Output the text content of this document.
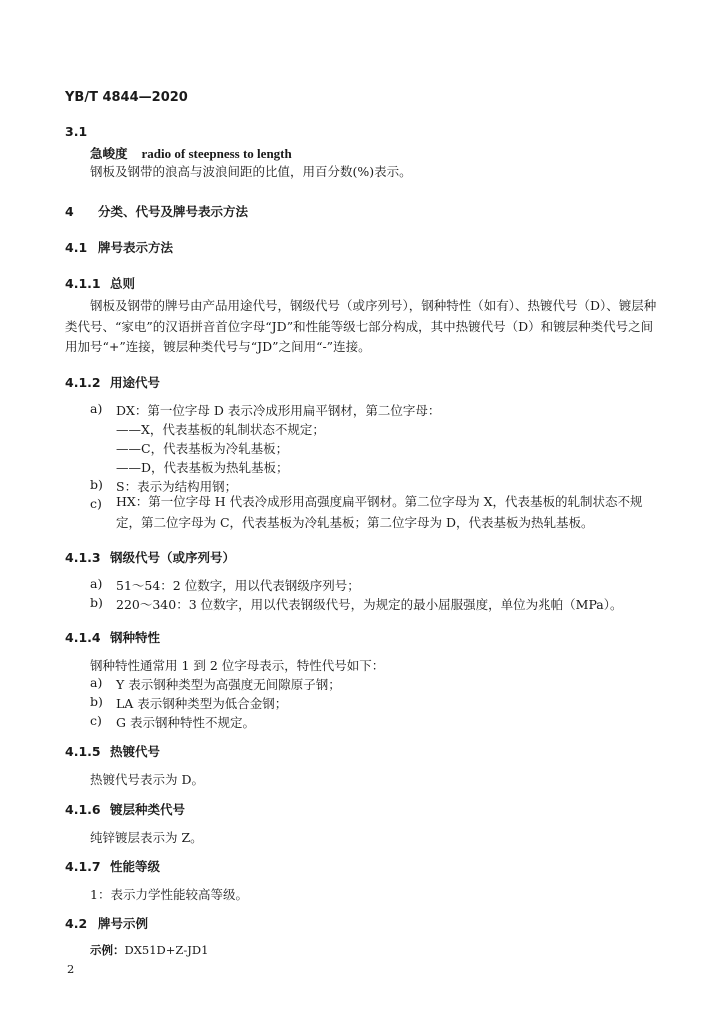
YB/T 4844—2020
3.1
急峻度 radio of steepness to length
钢板及钢带的浪高与波浪间距的比值，用百分数(%)表示。
4 分类、代号及牌号表示方法
4.1 牌号表示方法
4.1.1 总则

钢板及钢带的牌号由产品用途代号，钢级代号（或序列号），钢种特性（如有）、热镀代号（D）、镀层种类代号、“家电”的汉语拼音首位字母“JD”和性能等级七部分构成，其中热镀代号（D）和镀层种类代号之间用加号“+”连接，镀层种类代号与“JD”之间用“-”连接。

4.1.2 用途代号
a) DX：第一位字母 D 表示冷成形用扁平钢材，第二位字母：
——X，代表基板的轧制状态不规定；
——C，代表基板为冷轧基板；
——D，代表基板为热轧基板；
b) S：表示为结构用钢；
c) HX：第一位字母 H 代表冷成形用高强度扁平钢材。第二位字母为 X，代表基板的轧制状态不规定，第二位字母为 C，代表基板为冷轧基板；第二位字母为 D，代表基板为热轧基板。

4.1.3 钢级代号（或序列号）
a) 51～54：2 位数字，用以代表钢级序列号；
b) 220～340：3 位数字，用以代表钢级代号，为规定的最小屈服强度，单位为兆帕（MPa）。
4.1.4 钢种特性
钢种特性通常用 1 到 2 位字母表示，特性代号如下：
a) Y 表示钢种类型为高强度无间隙原子钢；
b) LA 表示钢种类型为低合金钢；
c) G 表示钢种特性不规定。
4.1.5 热镀代号
热镀代号表示为 D。
4.1.6 镀层种类代号
纯锌镀层表示为 Z。
4.1.7 性能等级
1：表示力学性能较高等级。
4.2 牌号示例
示例：DX51D+Z-JD1
2
